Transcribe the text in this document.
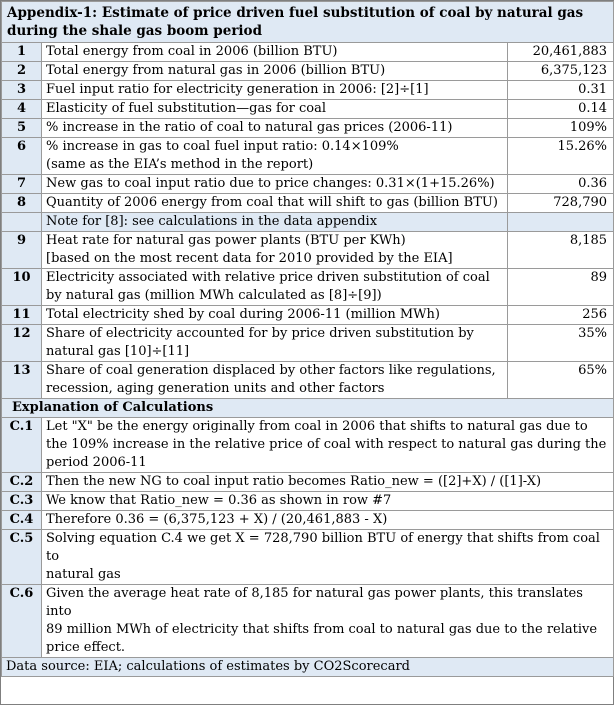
Appendix-1: Estimate of price driven fuel substitution of coal by natural gas
during the shale gas boom period		

1	Total energy from coal in 2006 (billion BTU)	20,461,883
2	Total energy from natural gas in 2006 (billion BTU)	6,375,123
3	Fuel input ratio for electricity generation in 2006: [2]÷[1]	0.31
4	Elasticity of fuel substitution—gas for coal	0.14
5	% increase in the ratio of coal to natural gas prices (2006-11)	109%
6	% increase in gas to coal fuel input ratio: 0.14×109%
(same as the EIA’s method in the report)	15.26%
7	New gas to coal input ratio due to price changes: 0.31×(1+15.26%)	0.36
8	Quantity of 2006 energy from coal that will shift to gas (billion BTU)	728,790
	Note for [8]: see calculations in the data appendix	
9	Heat rate for natural gas power plants (BTU per KWh)
[based on the most recent data for 2010 provided by the EIA]	8,185
10	Electricity associated with relative price driven substitution of coal
by natural gas (million MWh calculated as [8]÷[9])	89
11	Total electricity shed by coal during 2006-11 (million MWh)	256
12	Share of electricity accounted for by price driven substitution by
natural gas [10]÷[11]	35%
13	Share of coal generation displaced by other factors like regulations,
recession, aging generation units and other factors	65%
Explanation of Calculations		
C.1	Let "X" be the energy originally from coal in 2006 that shifts to natural gas due to
the 109% increase in the relative price of coal with respect to natural gas during the
period 2006-11	

C.2	Then the new NG to coal input ratio becomes Ratio_new = ([2]+X) / ([1]-X)	

C.3	We know that Ratio_new = 0.36 as shown in row #7	

C.4	Therefore 0.36 = (6,375,123 + X) / (20,461,883 - X)	

C.5	Solving equation C.4 we get X = 728,790 billion BTU of energy that shifts from coal to
natural gas	

C.6	Given the average heat rate of 8,185 for natural gas power plants, this translates into
89 million MWh of electricity that shifts from coal to natural gas due to the relative
price effect.	

Data source: EIA; calculations of estimates by CO2Scorecard		
